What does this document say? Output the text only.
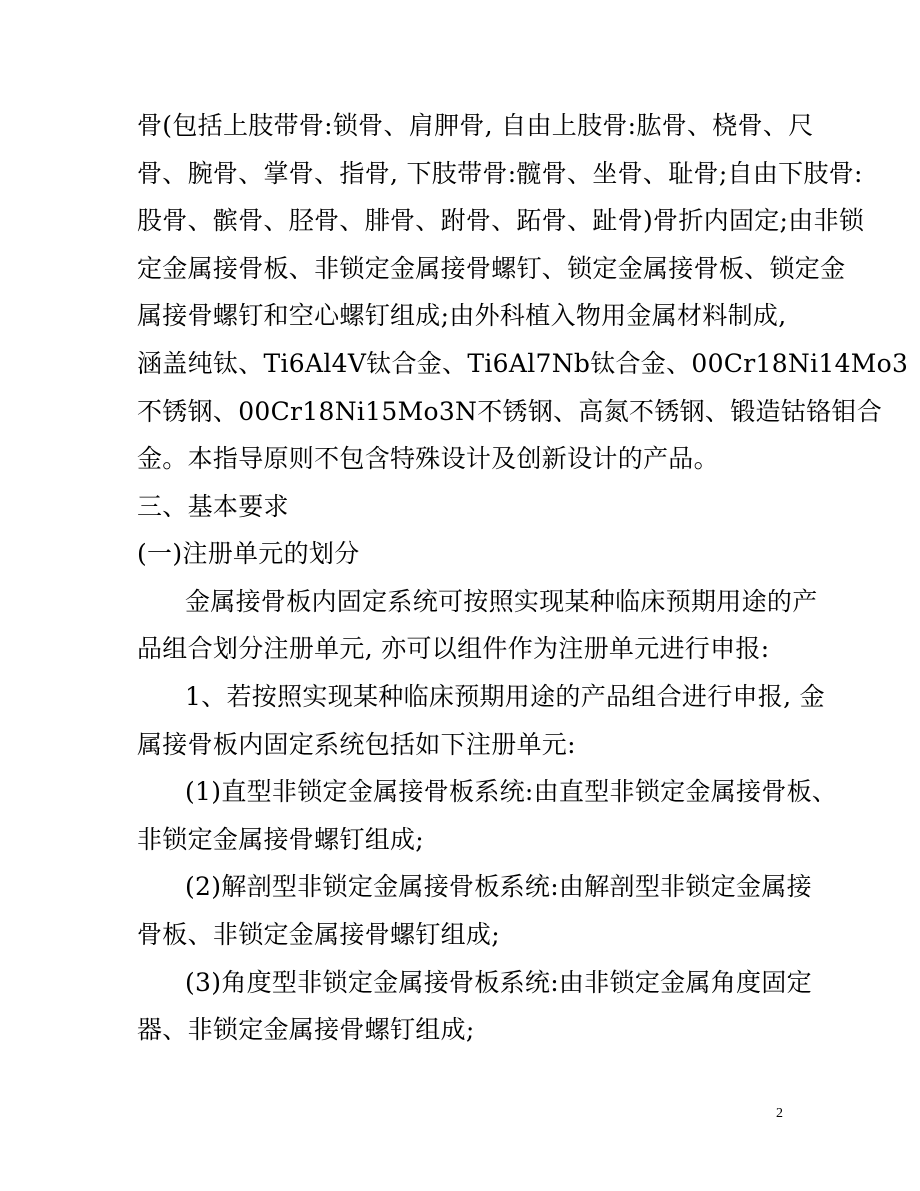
骨(包括上肢带骨:锁骨、肩胛骨, 自由上肢骨:肱骨、桡骨、尺
骨、腕骨、掌骨、指骨, 下肢带骨:髋骨、坐骨、耻骨;自由下肢骨:
股骨、髌骨、胫骨、腓骨、跗骨、跖骨、趾骨)骨折内固定;由非锁
定金属接骨板、非锁定金属接骨螺钉、锁定金属接骨板、锁定金
属接骨螺钉和空心螺钉组成;由外科植入物用金属材料制成,
涵盖纯钛、Ti6Al4V钛合金、Ti6Al7Nb钛合金、00Cr18Ni14Mo3
不锈钢、00Cr18Ni15Mo3N不锈钢、高氮不锈钢、锻造钴铬钼合
金。本指导原则不包含特殊设计及创新设计的产品。
三、基本要求
(一)注册单元的划分
金属接骨板内固定系统可按照实现某种临床预期用途的产
品组合划分注册单元, 亦可以组件作为注册单元进行申报:
1、若按照实现某种临床预期用途的产品组合进行申报, 金
属接骨板内固定系统包括如下注册单元:
(1)直型非锁定金属接骨板系统:由直型非锁定金属接骨板、
非锁定金属接骨螺钉组成;
(2)解剖型非锁定金属接骨板系统:由解剖型非锁定金属接
骨板、非锁定金属接骨螺钉组成;
(3)角度型非锁定金属接骨板系统:由非锁定金属角度固定
器、非锁定金属接骨螺钉组成;
2
